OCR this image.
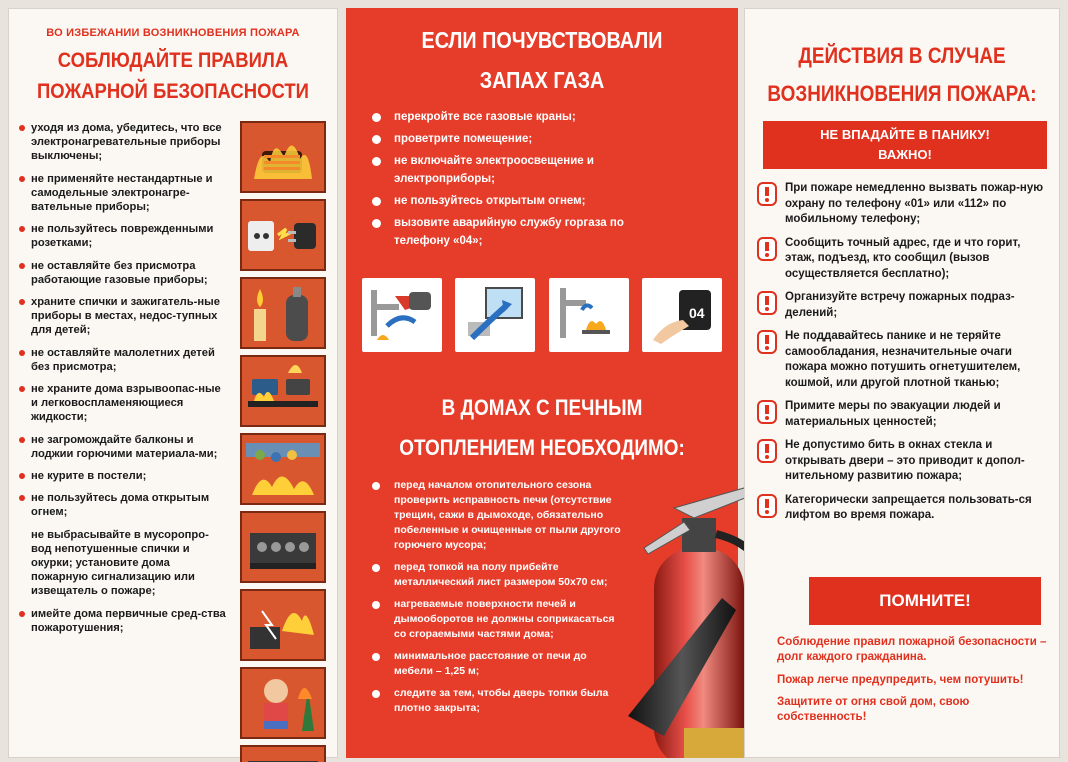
ВО ИЗБЕЖАНИИ ВОЗНИКНОВЕНИЯ ПОЖАРА
СОБЛЮДАЙТЕ ПРАВИЛА
ПОЖАРНОЙ БЕЗОПАСНОСТИ
уходя из дома, убедитесь, что все электронагревательные приборы выключены;
не применяйте нестандартные и самодельные электронагре-вательные приборы;
не пользуйтесь поврежденными розетками;
не оставляйте без присмотра работающие газовые приборы;
храните спички и зажигатель-ные приборы в местах, недос-тупных для детей;
не оставляйте малолетних детей без присмотра;
не храните дома взрывоопас-ные и легковоспламеняющиеся жидкости;
не загромождайте балконы и лоджии горючими материала-ми;
не курите в постели;
не пользуйтесь дома открытым огнем;
не выбрасывайте в мусоропро-вод непотушенные спички и окурки; установите дома пожарную сигнализацию или извещатель о пожаре;
имейте дома первичные сред-ства пожаротушения;
ЕСЛИ ПОЧУВСТВОВАЛИ
ЗАПАХ ГАЗА
перекройте все газовые краны;
проветрите помещение;
не включайте электроосвещение и электроприборы;
не пользуйтесь открытым огнем;
вызовите аварийную службу горгаза по телефону «04»;
04
В ДОМАХ С ПЕЧНЫМ
ОТОПЛЕНИЕМ НЕОБХОДИМО:
перед началом отопительного сезона проверить исправность печи (отсутствие трещин, сажи в дымоходе, обязательно побеленные и очищенные от пыли другого горючего мусора;
перед топкой на полу прибейте металлический лист размером 50х70 см;
нагреваемые поверхности печей и дымооборотов не должны соприкасаться со сгораемыми частями дома;
минимальное расстояние от печи до мебели – 1,25 м;
следите за тем, чтобы дверь топки была плотно закрыта;
ДЕЙСТВИЯ В СЛУЧАЕ
ВОЗНИКНОВЕНИЯ ПОЖАРА:
НЕ ВПАДАЙТЕ В ПАНИКУ!
ВАЖНО!
При пожаре немедленно вызвать пожар-ную охрану по телефону «01» или «112» по мобильному телефону;
Сообщить точный адрес, где и что горит, этаж, подъезд, кто сообщил (вызов осуществляется бесплатно);
Организуйте встречу пожарных подраз-делений;
Не поддавайтесь панике и не теряйте самообладания, незначительные очаги пожара можно потушить огнетушителем, кошмой, или другой плотной тканью;
Примите меры по эвакуации людей и материальных ценностей;
Не допустимо бить в окнах стекла и открывать двери – это приводит к допол-нительному развитию пожара;
Категорически запрещается пользовать-ся лифтом во время пожара.
ПОМНИТЕ!
Соблюдение правил пожарной безопасности – долг каждого гражданина.
Пожар легче предупредить, чем потушить!
Защитите от огня свой дом, свою собственность!
